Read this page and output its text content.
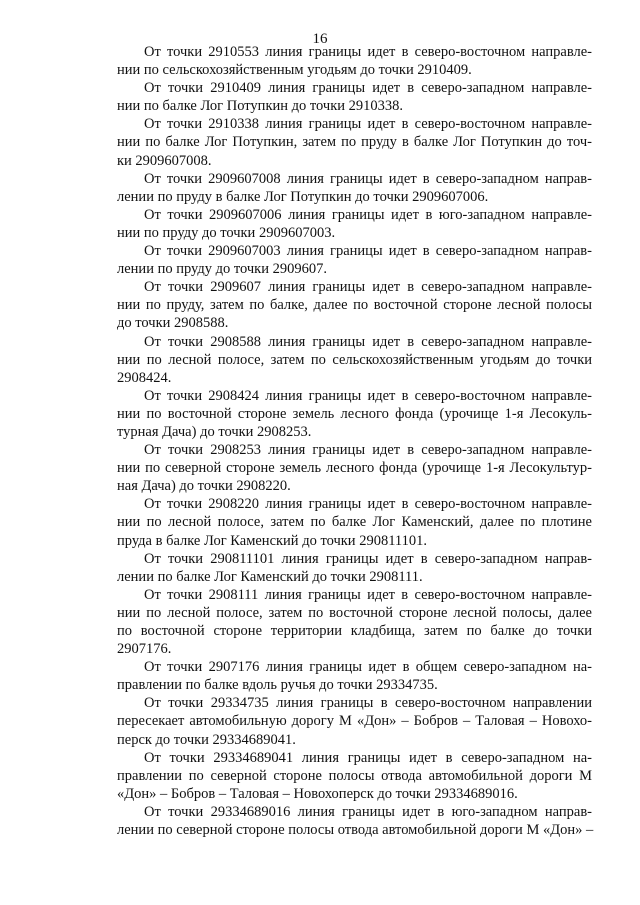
16

От точки 2910553 линия границы идет в северо-восточном направле-
нии по сельскохозяйственным угодьям до точки 2910409.

От точки 2910409 линия границы идет в северо-западном направле-
нии по балке Лог Потупкин до точки 2910338.

От точки 2910338 линия границы идет в северо-восточном направле-
нии по балке Лог Потупкин, затем по пруду в балке Лог Потупкин до точ-
ки 2909607008.

От точки 2909607008 линия границы идет в северо-западном направ-
лении по пруду в балке Лог Потупкин до точки 2909607006.

От точки 2909607006 линия границы идет в юго-западном направле-
нии по пруду до точки 2909607003.

От точки 2909607003 линия границы идет в северо-западном направ-
лении по пруду до точки 2909607.

От точки 2909607 линия границы идет в северо-западном направле-
нии по пруду, затем по балке, далее по восточной стороне лесной полосы
до точки 2908588.

От точки 2908588 линия границы идет в северо-западном направле-
нии по лесной полосе, затем по сельскохозяйственным угодьям до точки
2908424.

От точки 2908424 линия границы идет в северо-восточном направле-
нии по восточной стороне земель лесного фонда (урочище 1-я Лесокуль-
турная Дача) до точки 2908253.

От точки 2908253 линия границы идет в северо-западном направле-
нии по северной стороне земель лесного фонда (урочище 1-я Лесокультур-
ная Дача) до точки 2908220.

От точки 2908220 линия границы идет в северо-восточном направле-
нии по лесной полосе, затем по балке Лог Каменский, далее по плотине
пруда в балке Лог Каменский до точки 290811101.

От точки 290811101 линия границы идет в северо-западном направ-
лении по балке Лог Каменский до точки 2908111.

От точки 2908111 линия границы идет в северо-восточном направле-
нии по лесной полосе, затем по восточной стороне лесной полосы, далее
по восточной стороне территории кладбища, затем по балке до точки
2907176.

От точки 2907176 линия границы идет в общем северо-западном на-
правлении по балке вдоль ручья до точки 29334735.

От точки 29334735 линия границы в северо-восточном направлении
пересекает автомобильную дорогу М «Дон» – Бобров – Таловая – Новохо-
перск до точки 29334689041.

От точки 29334689041 линия границы идет в северо-западном на-
правлении по северной стороне полосы отвода автомобильной дороги М
«Дон» – Бобров – Таловая – Новохоперск до точки 29334689016.

От точки 29334689016 линия границы идет в юго-западном направ-
лении по северной стороне полосы отвода автомобильной дороги М «Дон» –
